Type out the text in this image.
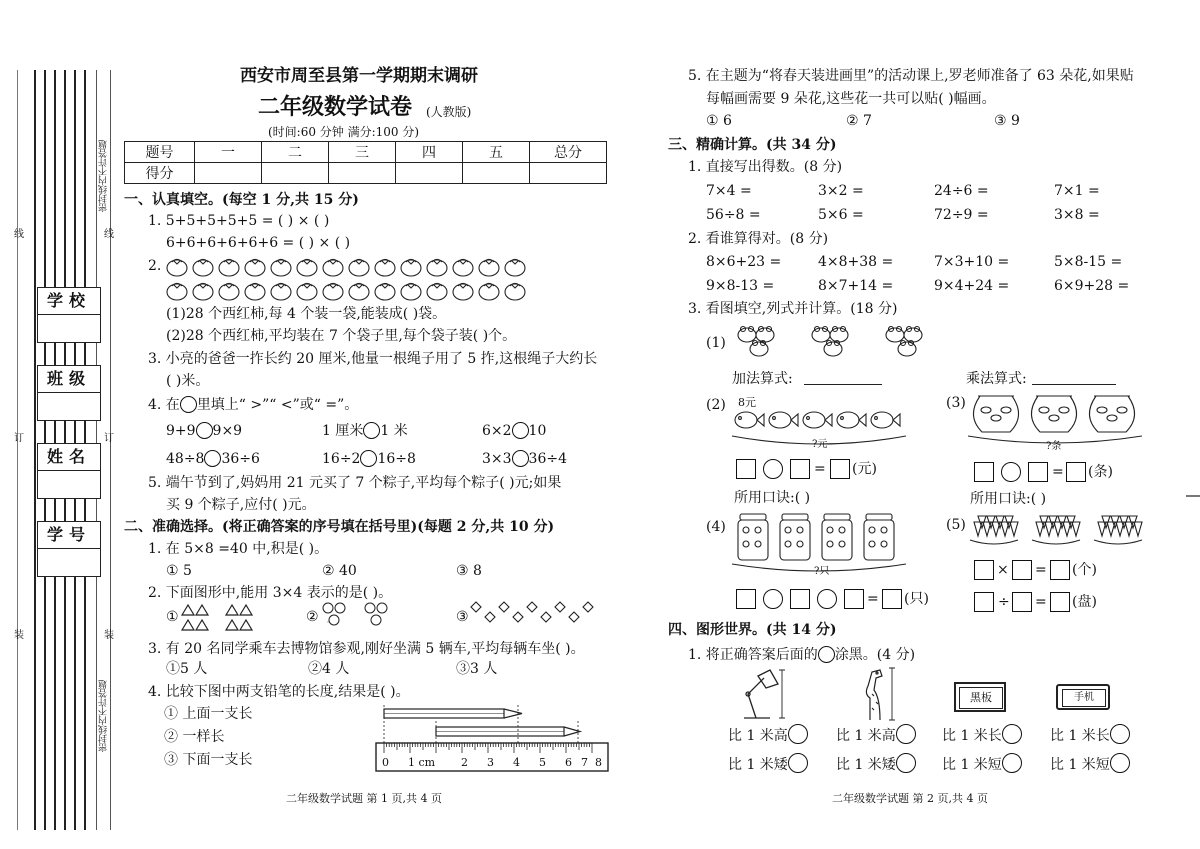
密封线内不许答题
密封线内不许答题
线	线
订	订
装	装
学校
班级
姓名
学号
西安市周至县第一学期期末调研
二年级数学试卷 (人教版)
(时间:60 分钟 满分:100 分)
题号	一	二	三	四	五	总分
得分						
一、认真填空。(每空 1 分,共 15 分)
1. 5+5+5+5+5 = ( ) × ( )
6+6+6+6+6+6 = ( ) × ( )
2.
(1)28 个西红柿,每 4 个装一袋,能装成( )袋。
(2)28 个西红柿,平均装在 7 个袋子里,每个袋子装( )个。
3. 小亮的爸爸一拃长约 20 厘米,他量一根绳子用了 5 拃,这根绳子大约长
( )米。
4. 在 里填上“ >”“ <”或“ =”。
9+9 9×9	1 厘米 1 米	6×2 10
48÷8 36÷6	16÷2 16÷8	3×3 36÷4
5. 端午节到了,妈妈用 21 元买了 7 个粽子,平均每个粽子( )元;如果
买 9 个粽子,应付( )元。
二、准确选择。(将正确答案的序号填在括号里)(每题 2 分,共 10 分)
1. 在 5×8 =40 中,积是( )。
① 5	② 40	③ 8
2. 下面图形中,能用 3×4 表示的是( )。
①	②	③
3. 有 20 名同学乘车去博物馆参观,刚好坐满 5 辆车,平均每辆车坐( )。
①5 人	②4 人	③3 人
4. 比较下图中两支铅笔的长度,结果是( )。
① 上面一支长
② 一样长
③ 下面一支长	0 1 cm 2 3 4 5 6 7 8
二年级数学试题 第 1 页,共 4 页
5. 在主题为“将春天装进画里”的活动课上,罗老师准备了 63 朵花,如果贴
每幅画需要 9 朵花,这些花一共可以贴( )幅画。
① 6	② 7	③ 9
三、精确计算。(共 34 分)
1. 直接写出得数。(8 分)
7×4 =	3×2 =	24÷6 =	7×1 =
56÷8 =	5×6 =	72÷9 =	3×8 =
2. 看谁算得对。(8 分)
8×6+23 =	4×8+38 =	7×3+10 =	5×8-15 =
9×8-13 =	8×7+14 =	9×4+24 =	6×9+28 =
3. 看图填空,列式并计算。(18 分)
(1)
加法算式:	乘法算式:
(2) 8元
?元
(3)
?条
= (元)
所用口诀:( )
= (条)
所用口诀:( )
(4)
?只
= (只)
(5)
× = (个)
÷ = (盘)
四、图形世界。(共 14 分)
1. 将正确答案后面的 涂黑。(4 分)
黑板	手机
比 1 米高	比 1 米高	比 1 米长	比 1 米长
比 1 米矮	比 1 米矮	比 1 米短	比 1 米短
二年级数学试题 第 2 页,共 4 页
